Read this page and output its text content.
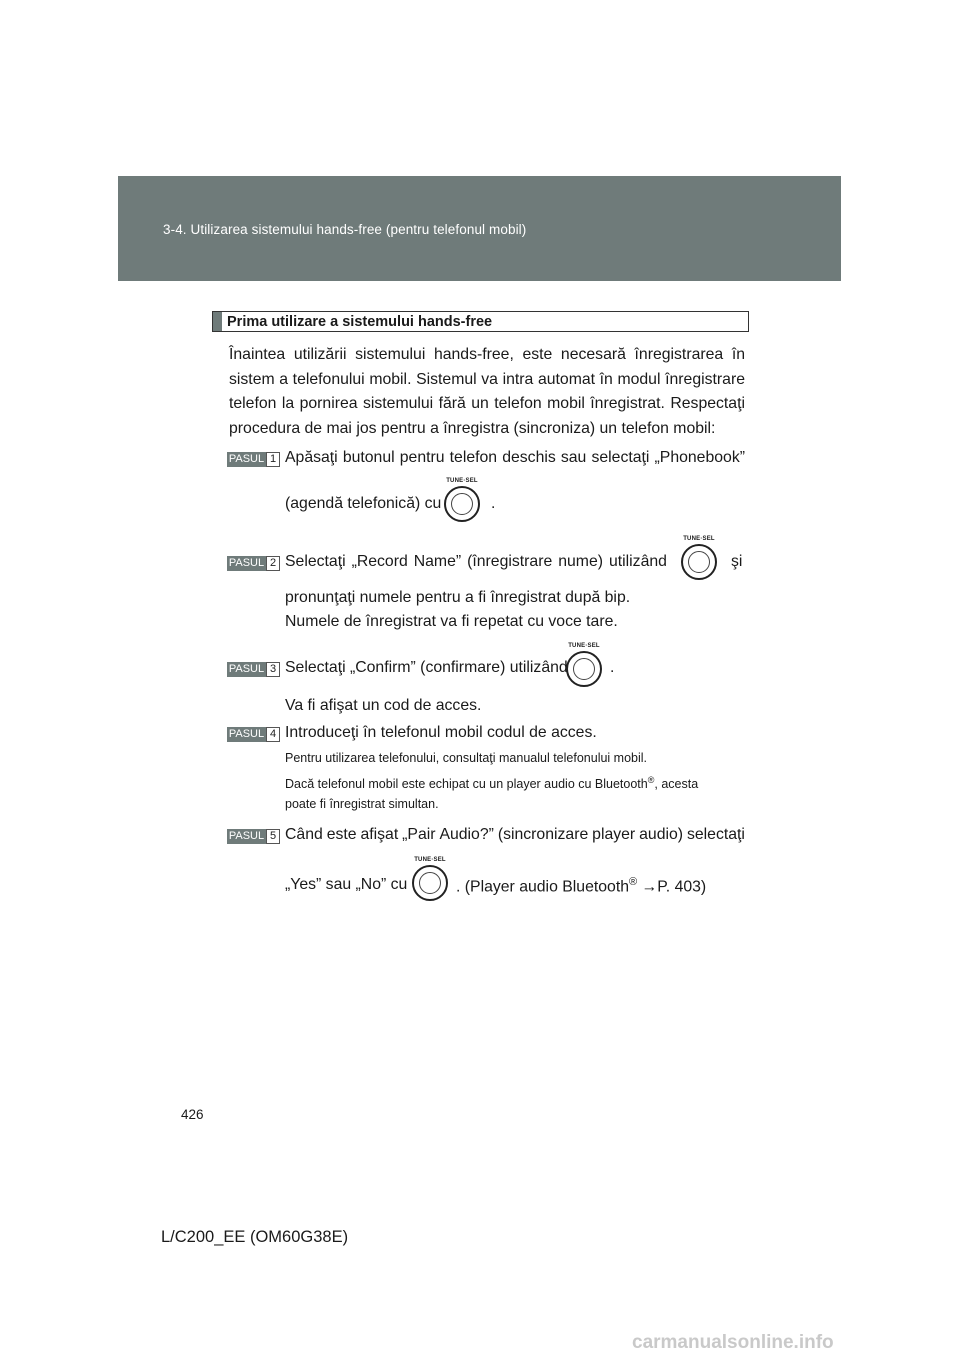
3-4. Utilizarea sistemului hands-free (pentru telefonul mobil)
Prima utilizare a sistemului hands-free
Înaintea utilizării sistemului hands-free, este necesară înregistrarea în sistem a telefonului mobil. Sistemul va intra automat în modul înregistrare telefon la pornirea sistemului fără un telefon mobil înregistrat. Respectaţi procedura de mai jos pentru a înregistra (sincroniza) un telefon mobil:
PASUL 1 Apăsaţi butonul pentru telefon deschis sau selectaţi „Phonebook”
(agendă telefonică) cu
TUNE·SEL
.
PASUL 2 Selectaţi „Record Name” (înregistrare nume) utilizând
TUNE·SEL
şi
pronunţaţi numele pentru a fi înregistrat după bip.
Numele de înregistrat va fi repetat cu voce tare.
PASUL 3 Selectaţi „Confirm” (confirmare) utilizând
TUNE·SEL
.
Va fi afişat un cod de acces.
PASUL 4 Introduceţi în telefonul mobil codul de acces.
Pentru utilizarea telefonului, consultaţi manualul telefonului mobil.
Dacă telefonul mobil este echipat cu un player audio cu Bluetooth®, acesta
poate fi înregistrat simultan.
PASUL 5 Când este afişat „Pair Audio?” (sincronizare player audio) selectaţi
„Yes” sau „No” cu
TUNE·SEL
. (Player audio Bluetooth® →P. 403)
426
L/C200_EE (OM60G38E)
carmanualsonline.info
